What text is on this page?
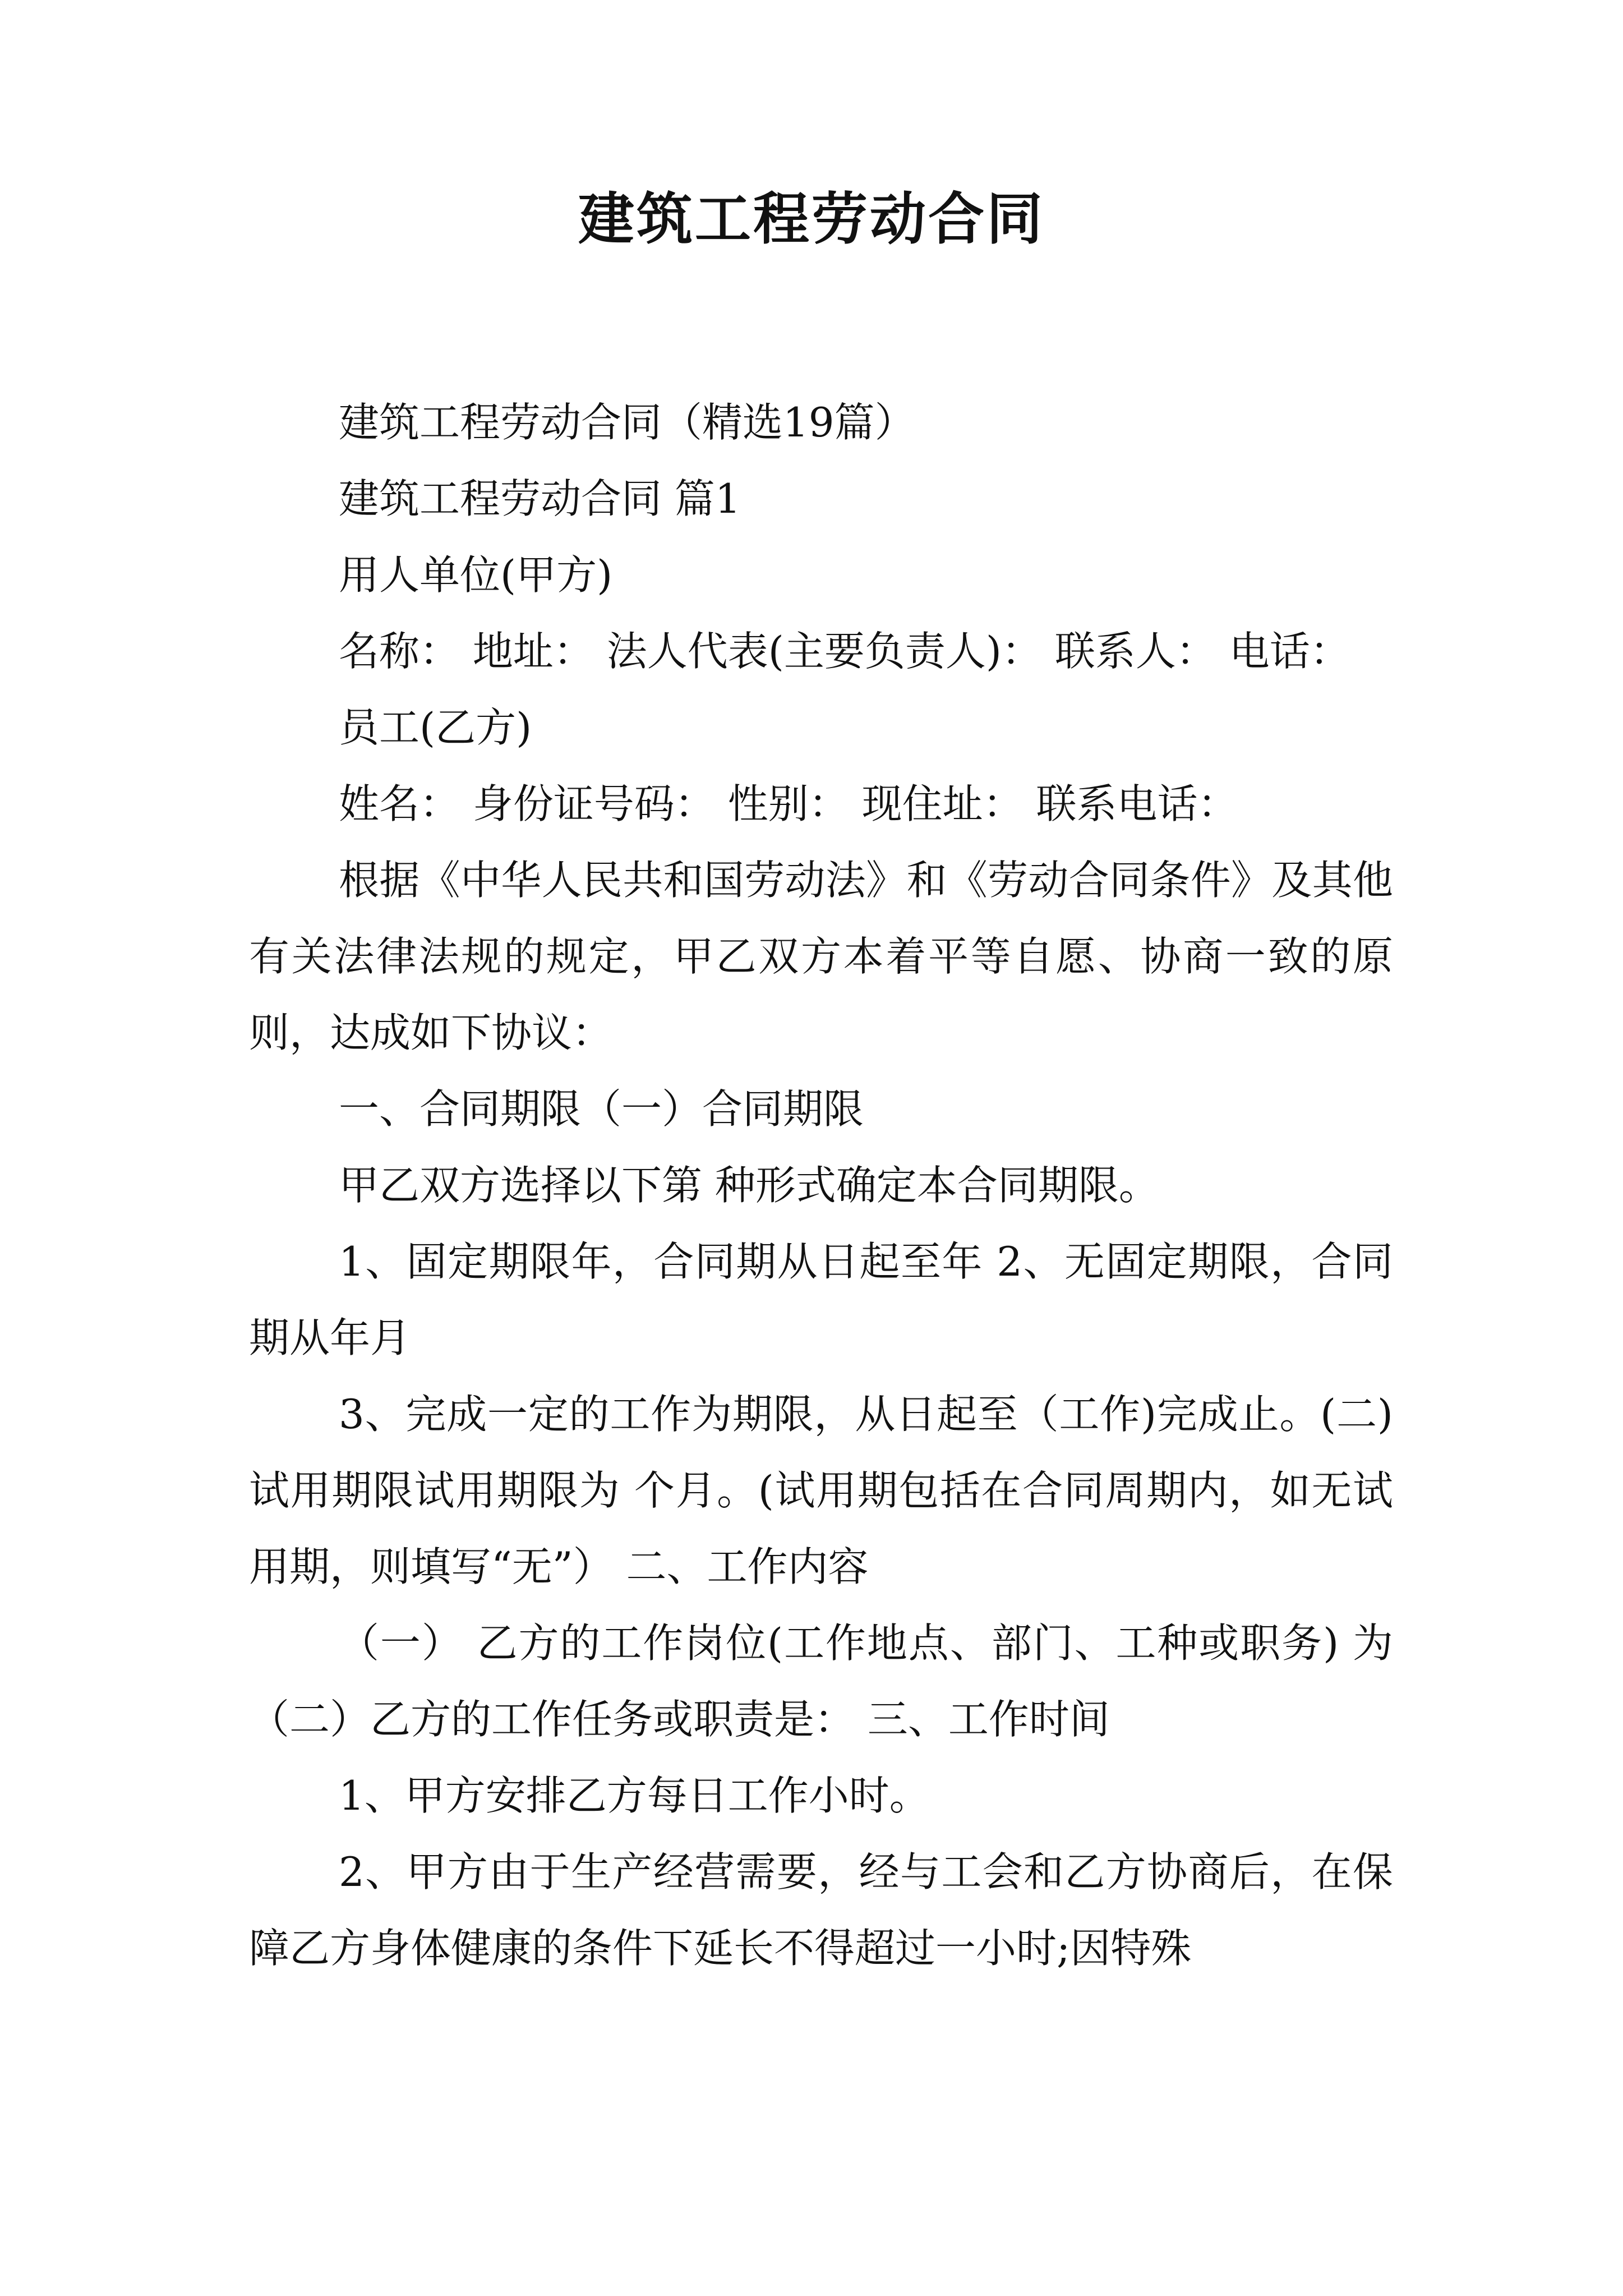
建筑工程劳动合同

建筑工程劳动合同（精选19篇）

建筑工程劳动合同 篇1

用人单位(甲方)

名称： 地址： 法人代表(主要负责人)： 联系人： 电话：

员工(乙方)

姓名： 身份证号码： 性别： 现住址： 联系电话：

根据《中华人民共和国劳动法》和《劳动合同条件》及其他有关法律法规的规定，甲乙双方本着平等自愿、协商一致的原则，达成如下协议：

一、合同期限（一）合同期限

甲乙双方选择以下第 种形式确定本合同期限。

1、固定期限年，合同期从日起至年 2、无固定期限，合同期从年月

3、完成一定的工作为期限，从日起至（工作)完成止。(二)试用期限试用期限为 个月。(试用期包括在合同周期内，如无试用期，则填写“无”） 二、工作内容

（一） 乙方的工作岗位(工作地点、部门、工种或职务) 为（二）乙方的工作任务或职责是： 三、工作时间

1、甲方安排乙方每日工作小时。

2、甲方由于生产经营需要，经与工会和乙方协商后，在保障乙方身体健康的条件下延长不得超过一小时;因特殊
